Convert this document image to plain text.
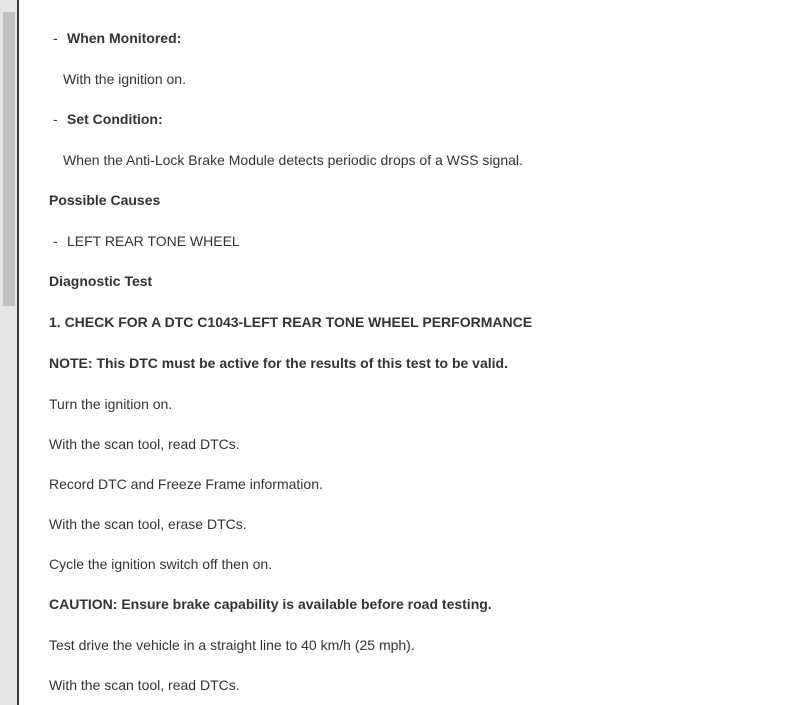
- When Monitored:
With the ignition on.
- Set Condition:
When the Anti-Lock Brake Module detects periodic drops of a WSS signal.
Possible Causes
- LEFT REAR TONE WHEEL
Diagnostic Test
1. CHECK FOR A DTC C1043-LEFT REAR TONE WHEEL PERFORMANCE
NOTE: This DTC must be active for the results of this test to be valid.
Turn the ignition on.
With the scan tool, read DTCs.
Record DTC and Freeze Frame information.
With the scan tool, erase DTCs.
Cycle the ignition switch off then on.
CAUTION: Ensure brake capability is available before road testing.
Test drive the vehicle in a straight line to 40 km/h (25 mph).
With the scan tool, read DTCs.
